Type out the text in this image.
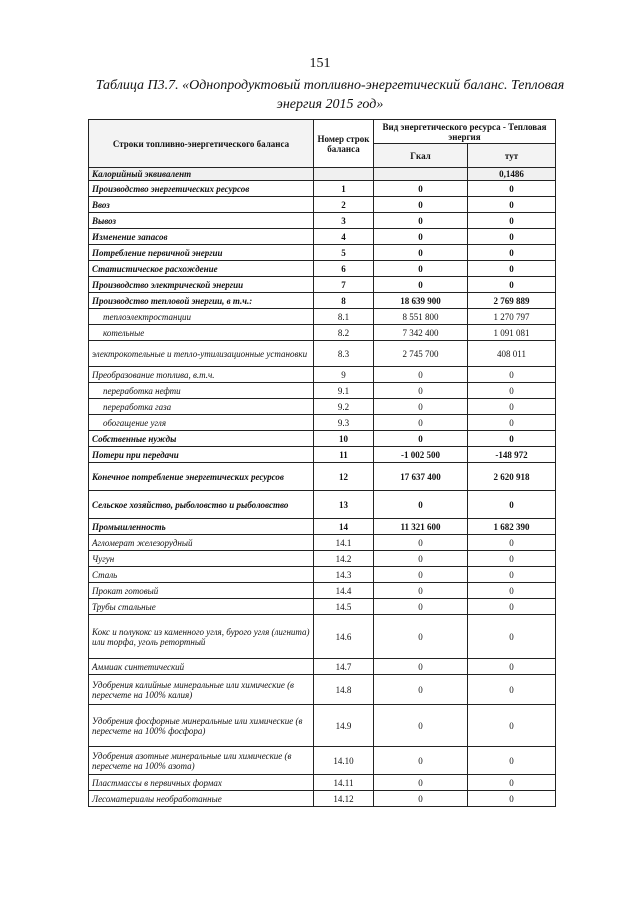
151
Таблица П3.7. «Однопродуктовый топливно-энергетический баланс. Тепловая
энергия 2015 год»
Строки топливно-энергетического баланса	Номер строк баланса	Вид энергетического ресурса - Тепловая энергия	
		Гкал	тут
Калорийный эквивалент			0,1486
Производство энергетических ресурсов	1	0	0
Ввоз	2	0	0
Вывоз	3	0	0
Изменение запасов	4	0	0
Потребление первичной энергии	5	0	0
Статистическое расхождение	6	0	0
Производство электрической энергии	7	0	0
Производство тепловой энергии, в т.ч.:	8	18 639 900	2 769 889
теплоэлектростанции	8.1	8 551 800	1 270 797
котельные	8.2	7 342 400	1 091 081
электрокотельные и тепло-утилизационные установки	8.3	2 745 700	408 011
Преобразование топлива, в.т.ч.	9	0	0
переработка нефти	9.1	0	0
переработка газа	9.2	0	0
обогащение угля	9.3	0	0
Собственные нужды	10	0	0
Потери при передачи	11	-1 002 500	-148 972
Конечное потребление энергетических ресурсов	12	17 637 400	2 620 918
Сельское хозяйство, рыболовство и рыболовство	13	0	0
Промышленность	14	11 321 600	1 682 390
Агломерат железорудный	14.1	0	0
Чугун	14.2	0	0
Сталь	14.3	0	0
Прокат готовый	14.4	0	0
Трубы стальные	14.5	0	0
Кокс и полукокс из каменного угля, бурого угля (лигнита) или торфа, уголь ретортный	14.6	0	0
Аммиак синтетический	14.7	0	0
Удобрения калийные минеральные или химические (в пересчете на 100% калия)	14.8	0	0
Удобрения фосфорные минеральные или химические (в пересчете на 100% фосфора)	14.9	0	0
Удобрения азотные минеральные или химические (в пересчете на 100% азота)	14.10	0	0
Пластмассы в первичных формах	14.11	0	0
Лесоматериалы необработанные	14.12	0	0
